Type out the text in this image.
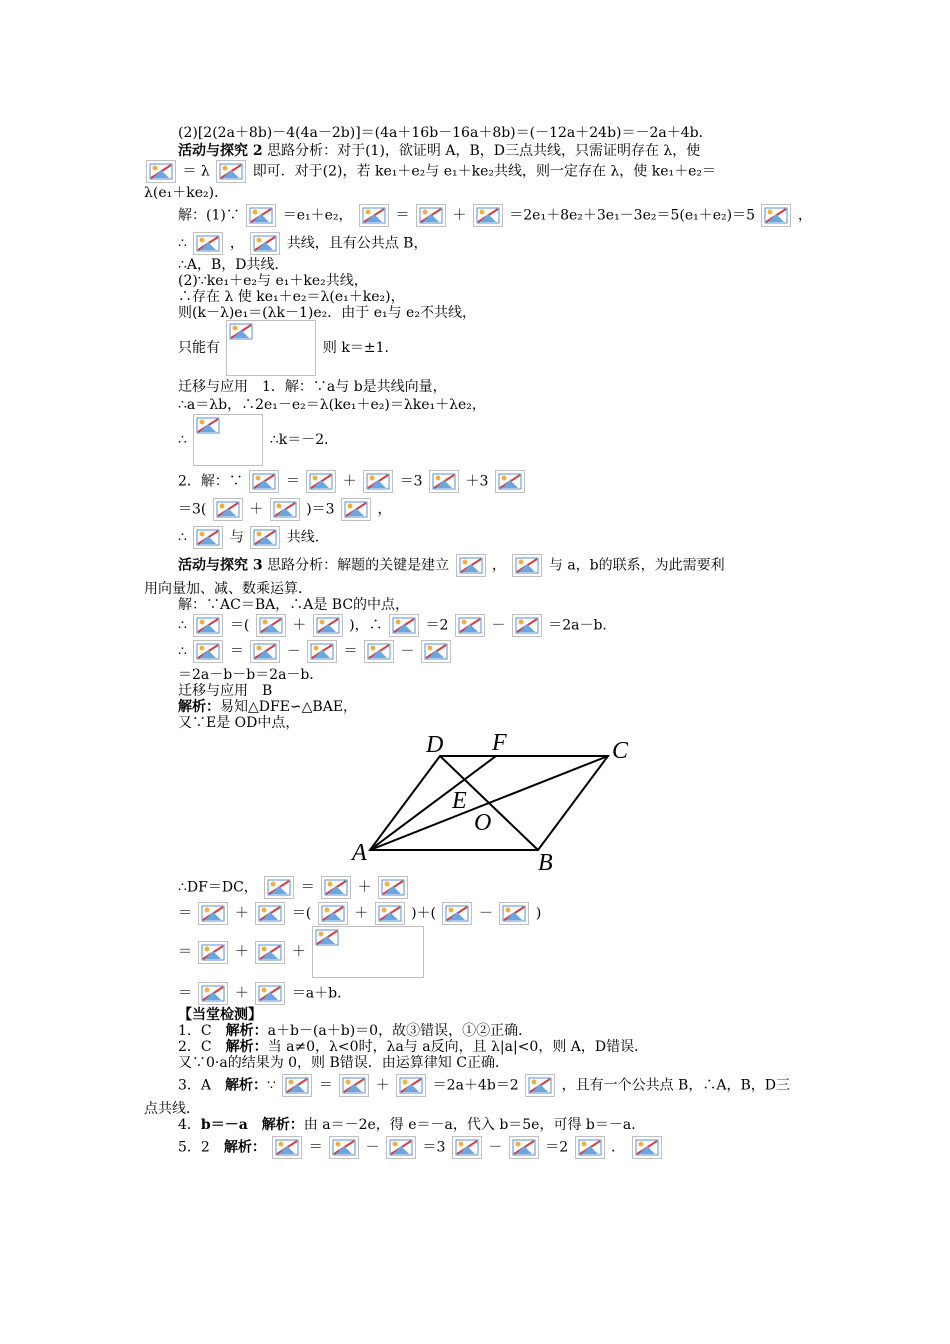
(2)[2(2a＋8b)－4(4a－2b)]＝(4a＋16b－16a＋8b)＝(－12a＋24b)＝－2a＋4b．
活动与探究 2 思路分析：对于(1)，欲证明 A，B，D三点共线，只需证明存在 λ，使
＝ λ	即可．对于(2)，若 ke₁＋e₂与 e₁＋ke₂共线，则一定存在 λ，使 ke₁＋e₂＝
λ(e₁＋ke₂)．
解：(1)∵	＝e₁＋e₂，	＝	＋	＝2e₁＋8e₂＋3e₁－3e₂＝5(e₁＋e₂)＝5	，
∴	，	共线，且有公共点 B，
∴A，B，D共线．
(2)∵ke₁＋e₂与 e₁＋ke₂共线，
∴存在 λ 使 ke₁＋e₂＝λ(e₁＋ke₂)，
则(k－λ)e₁＝(λk－1)e₂．由于 e₁与 e₂不共线，
只能有	则 k＝±1．
迁移与应用　1．解：∵a与 b是共线向量，
∴a＝λb，∴2e₁－e₂＝λ(ke₁＋e₂)＝λke₁＋λe₂，
∴	∴k＝－2．
2．解：∵	＝	＋	＝3	＋3
＝3(	＋	)＝3	，
∴	与	共线．
活动与探究 3 思路分析：解题的关键是建立	，	与 a，b的联系，为此需要利
用向量加、减、数乘运算．
解：∵AC＝BA，∴A是 BC的中点，
∴	＝(	＋	)，∴	＝2	－	＝2a－b．
∴	＝	－	＝	－
＝2a－b－b＝2a－b．
迁移与应用　B
解析：易知△DFE∽△BAE，
又∵E是 OD中点，
D F	C
E
O
A	B
∴DF＝DC，	＝	＋
＝	＋	＝(	＋	)＋(	－	)
＝	＋	＋
＝	＋	＝a＋b．
【当堂检测】
1．C　解析：a＋b－(a＋b)＝0，故③错误，①②正确．
2．C　解析：当 a≠0，λ<0时，λa与 a反向，且 λ|a|<0，则 A，D错误．
又∵0·a的结果为 0，则 B错误．由运算律知 C正确．
3．A　解析：∵	＝	＋	＝2a＋4b＝2	，且有一个公共点 B，∴A，B，D三
点共线．
4．b＝－a　 解析：由 a＝－2e，得 e＝－a，代入 b＝5e，可得 b＝－a．
5．2　解析：	＝	－	＝3	－	＝2	．
